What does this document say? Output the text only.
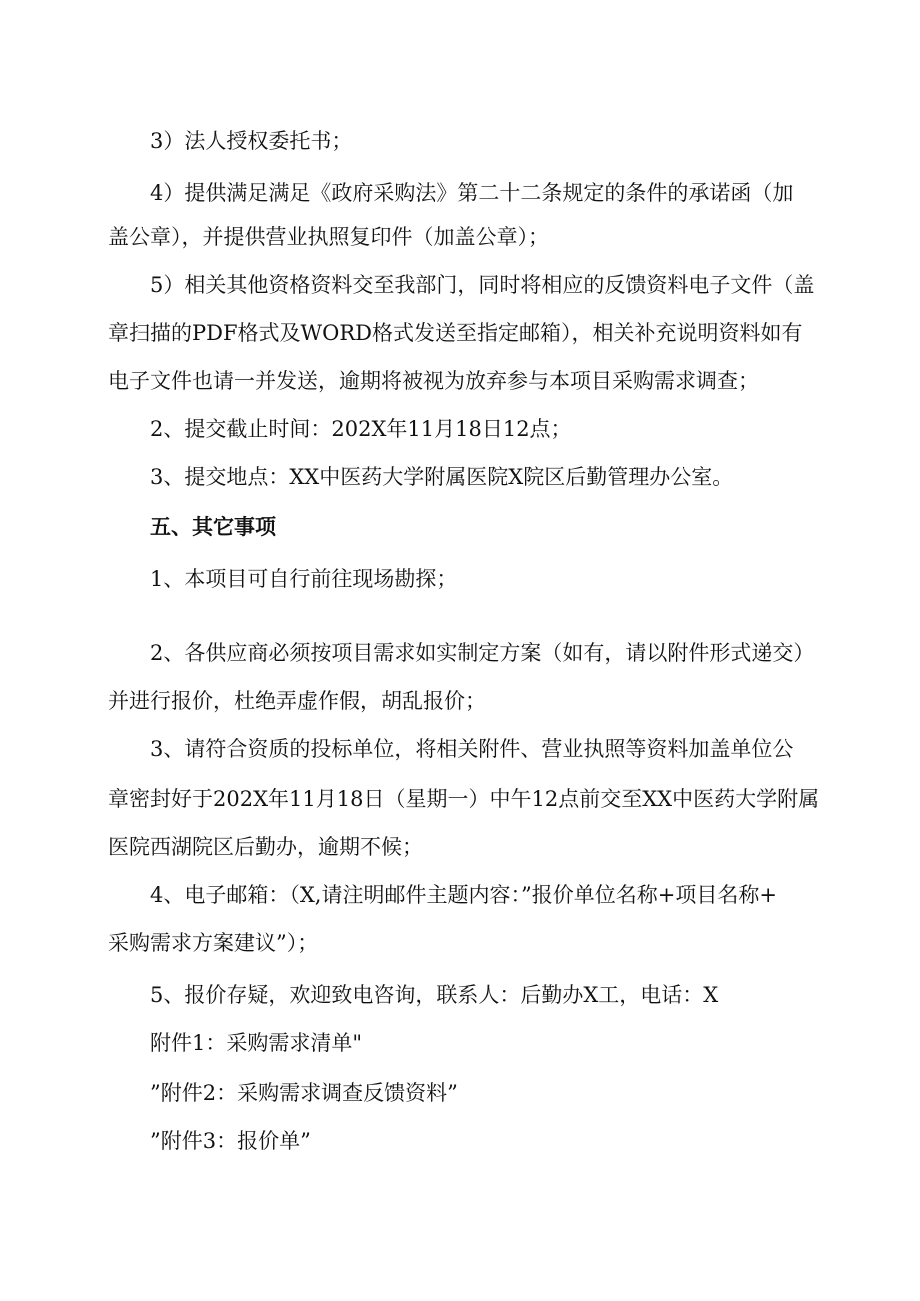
3）法人授权委托书；

4）提供满足满足《政府采购法》第二十二条规定的条件的承诺函（加

盖公章），并提供营业执照复印件（加盖公章）；

5）相关其他资格资料交至我部门，同时将相应的反馈资料电子文件（盖

章扫描的PDF格式及WORD格式发送至指定邮箱），相关补充说明资料如有

电子文件也请一并发送，逾期将被视为放弃参与本项目采购需求调查；

2、提交截止时间：202X年11月18日12点；

3、提交地点：XX中医药大学附属医院X院区后勤管理办公室。

五、其它事项

1、本项目可自行前往现场勘探；

2、各供应商必须按项目需求如实制定方案（如有，请以附件形式递交）

并进行报价，杜绝弄虚作假，胡乱报价；

3、请符合资质的投标单位，将相关附件、营业执照等资料加盖单位公

章密封好于202X年11月18日（星期一）中午12点前交至XX中医药大学附属

医院西湖院区后勤办，逾期不候；

4、电子邮箱：（X,请注明邮件主题内容：”报价单位名称+项目名称+

采购需求方案建议”）；

5、报价存疑，欢迎致电咨询，联系人：后勤办X工，电话：X

附件1：采购需求清单"

”附件2：采购需求调查反馈资料”

”附件3：报价单”
